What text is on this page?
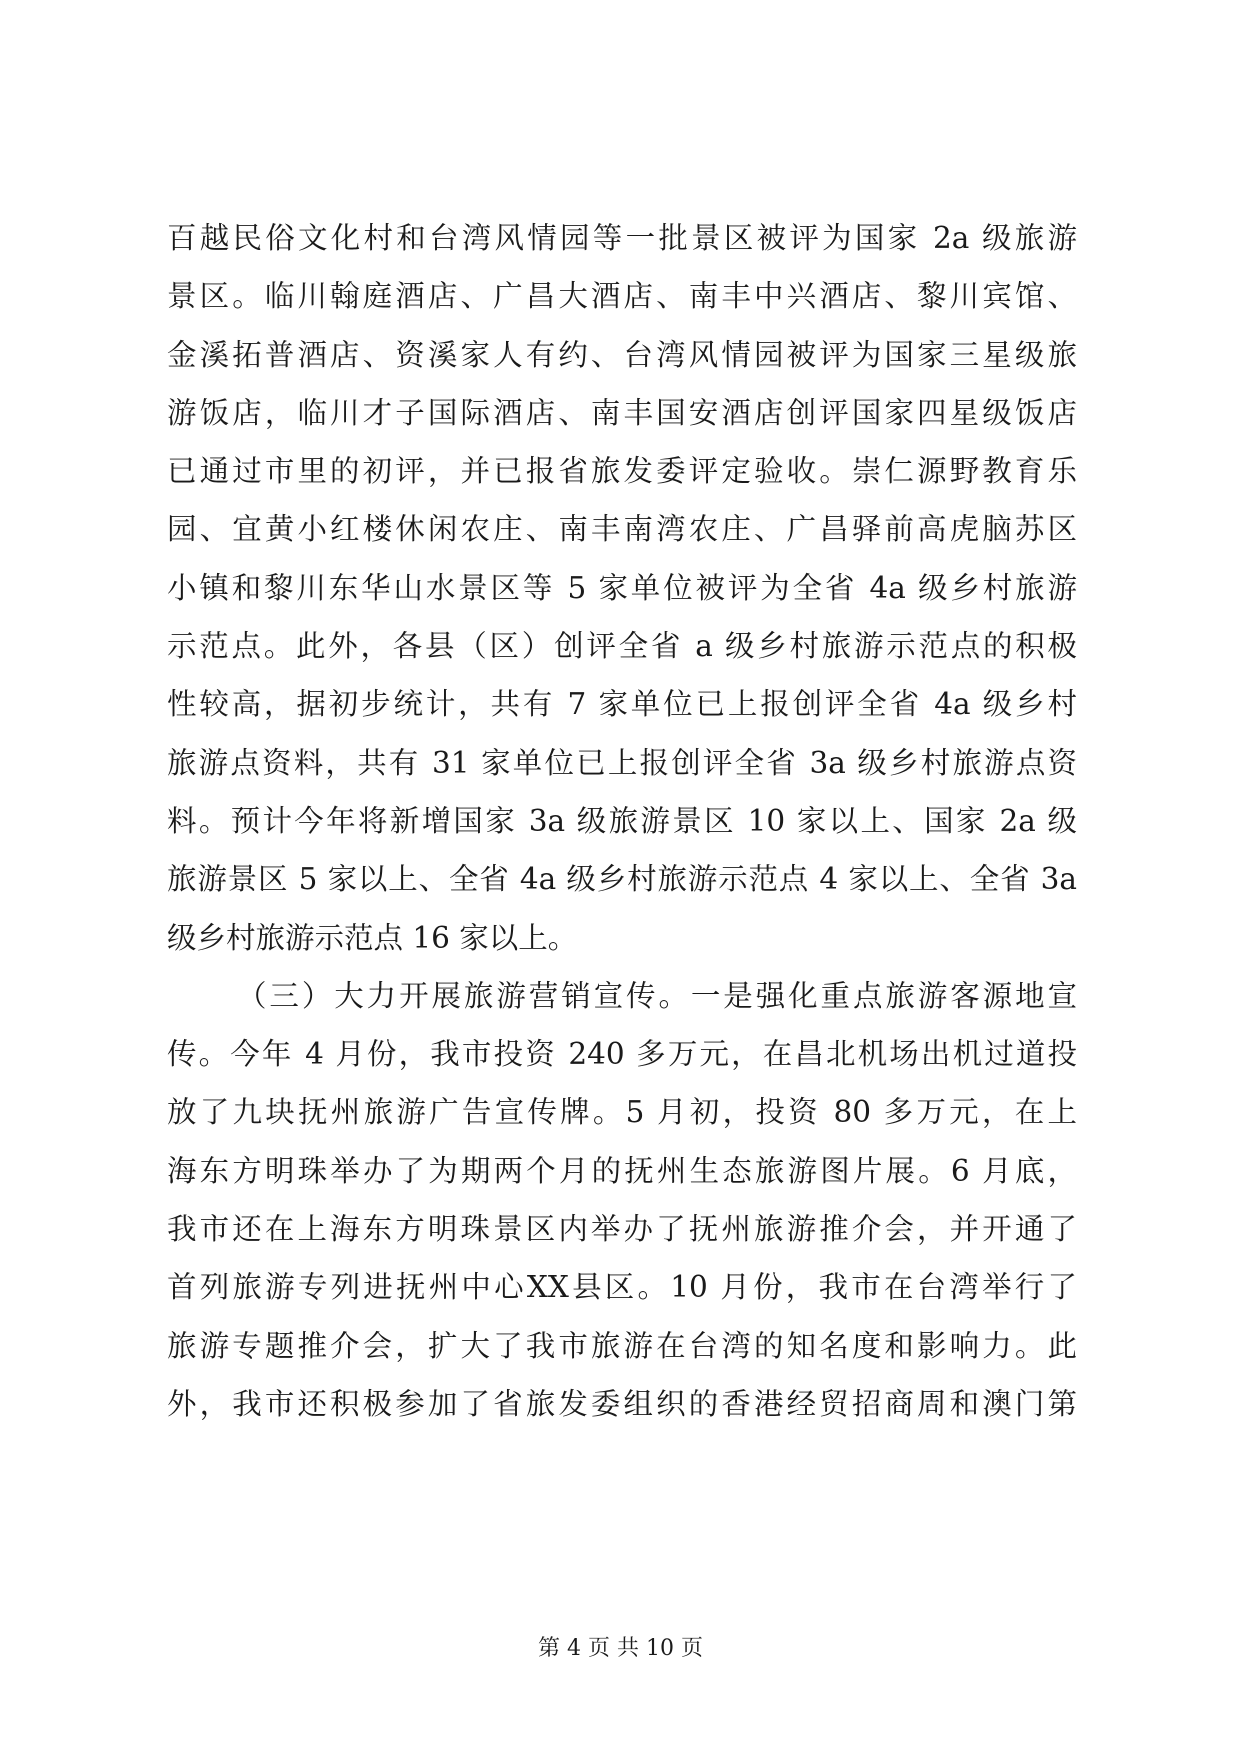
百越民俗文化村和台湾风情园等一批景区被评为国家 2a 级旅游
景区。临川翰庭酒店、广昌大酒店、南丰中兴酒店、黎川宾馆、
金溪拓普酒店、资溪家人有约、台湾风情园被评为国家三星级旅
游饭店，临川才子国际酒店、南丰国安酒店创评国家四星级饭店
已通过市里的初评，并已报省旅发委评定验收。崇仁源野教育乐
园、宜黄小红楼休闲农庄、南丰南湾农庄、广昌驿前高虎脑苏区
小镇和黎川东华山水景区等 5 家单位被评为全省 4a 级乡村旅游
示范点。此外，各县（区）创评全省 a 级乡村旅游示范点的积极
性较高，据初步统计，共有 7 家单位已上报创评全省 4a 级乡村
旅游点资料，共有 31 家单位已上报创评全省 3a 级乡村旅游点资
料。预计今年将新增国家 3a 级旅游景区 10 家以上、国家 2a 级
旅游景区 5 家以上、全省 4a 级乡村旅游示范点 4 家以上、全省 3a
级乡村旅游示范点 16 家以上。
（三）大力开展旅游营销宣传。一是强化重点旅游客源地宣
传。今年 4 月份，我市投资 240 多万元，在昌北机场出机过道投
放了九块抚州旅游广告宣传牌。5 月初，投资 80 多万元，在上
海东方明珠举办了为期两个月的抚州生态旅游图片展。6 月底，
我市还在上海东方明珠景区内举办了抚州旅游推介会，并开通了
首列旅游专列进抚州中心XX县区。10 月份，我市在台湾举行了
旅游专题推介会，扩大了我市旅游在台湾的知名度和影响力。此
外，我市还积极参加了省旅发委组织的香港经贸招商周和澳门第
第 4 页 共 10 页
